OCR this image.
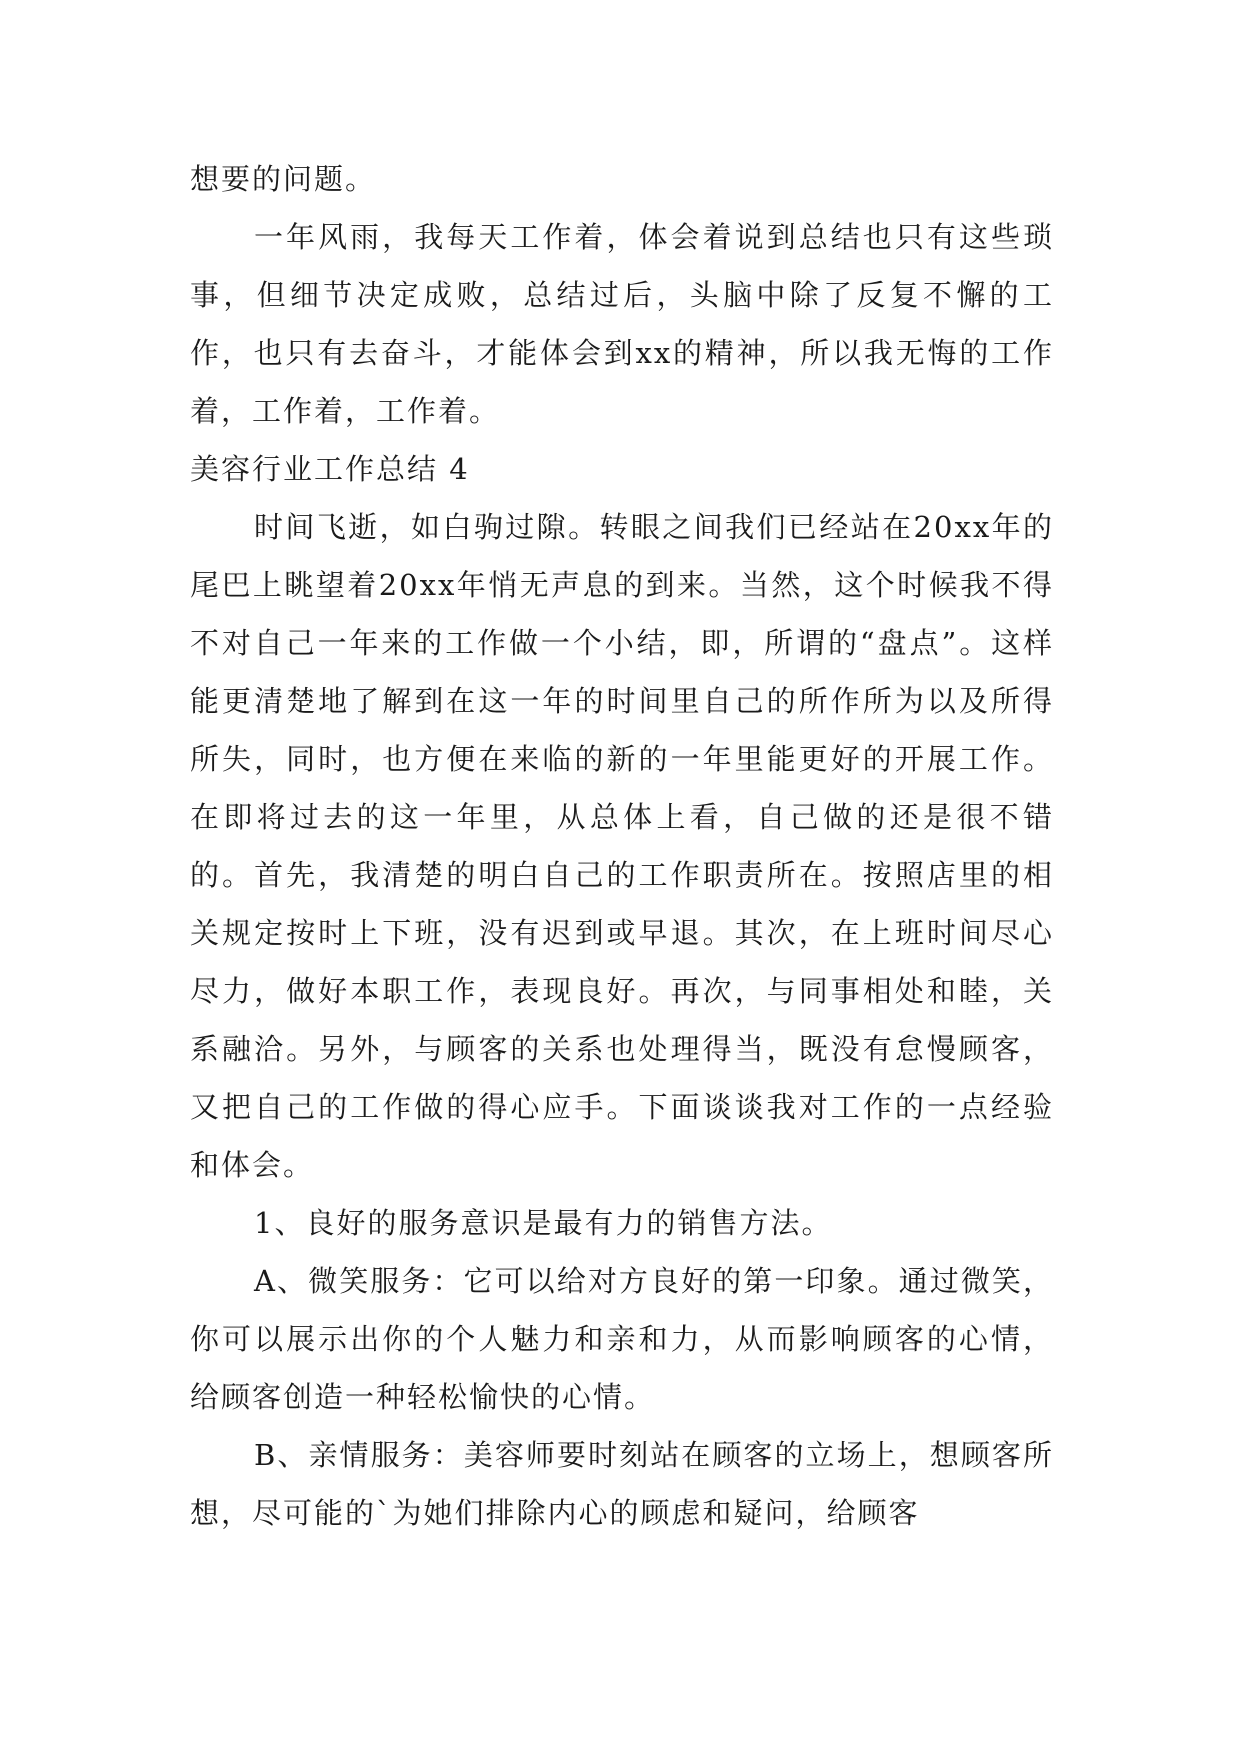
想要的问题。

一年风雨，我每天工作着，体会着说到总结也只有这些琐事，但细节决定成败，总结过后，头脑中除了反复不懈的工作，也只有去奋斗，才能体会到xx的精神，所以我无悔的工作着，工作着，工作着。

美容行业工作总结 4

时间飞逝，如白驹过隙。转眼之间我们已经站在20xx年的尾巴上眺望着20xx年悄无声息的到来。当然，这个时候我不得不对自己一年来的工作做一个小结，即，所谓的“盘点”。这样能更清楚地了解到在这一年的时间里自己的所作所为以及所得所失，同时，也方便在来临的新的一年里能更好的开展工作。在即将过去的这一年里，从总体上看，自己做的还是很不错的。首先，我清楚的明白自己的工作职责所在。按照店里的相关规定按时上下班，没有迟到或早退。其次，在上班时间尽心尽力，做好本职工作，表现良好。再次，与同事相处和睦，关系融洽。另外，与顾客的关系也处理得当，既没有怠慢顾客，又把自己的工作做的得心应手。下面谈谈我对工作的一点经验和体会。

1、良好的服务意识是最有力的销售方法。

A、微笑服务：它可以给对方良好的第一印象。通过微笑，你可以展示出你的个人魅力和亲和力，从而影响顾客的心情，给顾客创造一种轻松愉快的心情。

B、亲情服务：美容师要时刻站在顾客的立场上，想顾客所想，尽可能的`为她们排除内心的顾虑和疑问，给顾客
